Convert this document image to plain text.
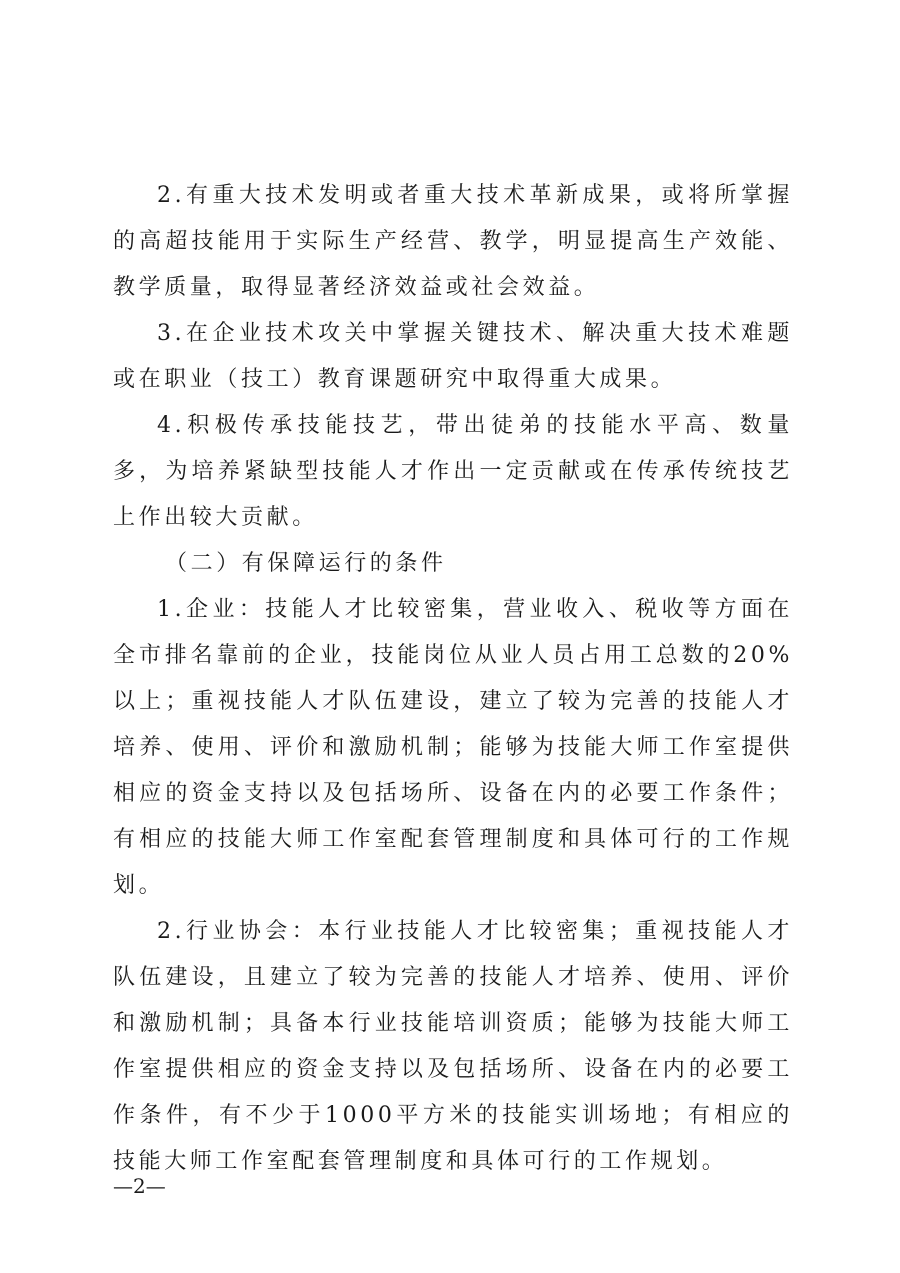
2.有重大技术发明或者重大技术革新成果，或将所掌握的高超技能用于实际生产经营、教学，明显提高生产效能、教学质量，取得显著经济效益或社会效益。

3.在企业技术攻关中掌握关键技术、解决重大技术难题或在职业（技工）教育课题研究中取得重大成果。

4.积极传承技能技艺，带出徒弟的技能水平高、数量多，为培养紧缺型技能人才作出一定贡献或在传承传统技艺上作出较大贡献。

（二）有保障运行的条件

1.企业：技能人才比较密集，营业收入、税收等方面在全市排名靠前的企业，技能岗位从业人员占用工总数的20%以上；重视技能人才队伍建设，建立了较为完善的技能人才培养、使用、评价和激励机制；能够为技能大师工作室提供相应的资金支持以及包括场所、设备在内的必要工作条件；有相应的技能大师工作室配套管理制度和具体可行的工作规划。

2.行业协会：本行业技能人才比较密集；重视技能人才队伍建设，且建立了较为完善的技能人才培养、使用、评价和激励机制；具备本行业技能培训资质；能够为技能大师工作室提供相应的资金支持以及包括场所、设备在内的必要工作条件，有不少于1000平方米的技能实训场地；有相应的技能大师工作室配套管理制度和具体可行的工作规划。

—2—
